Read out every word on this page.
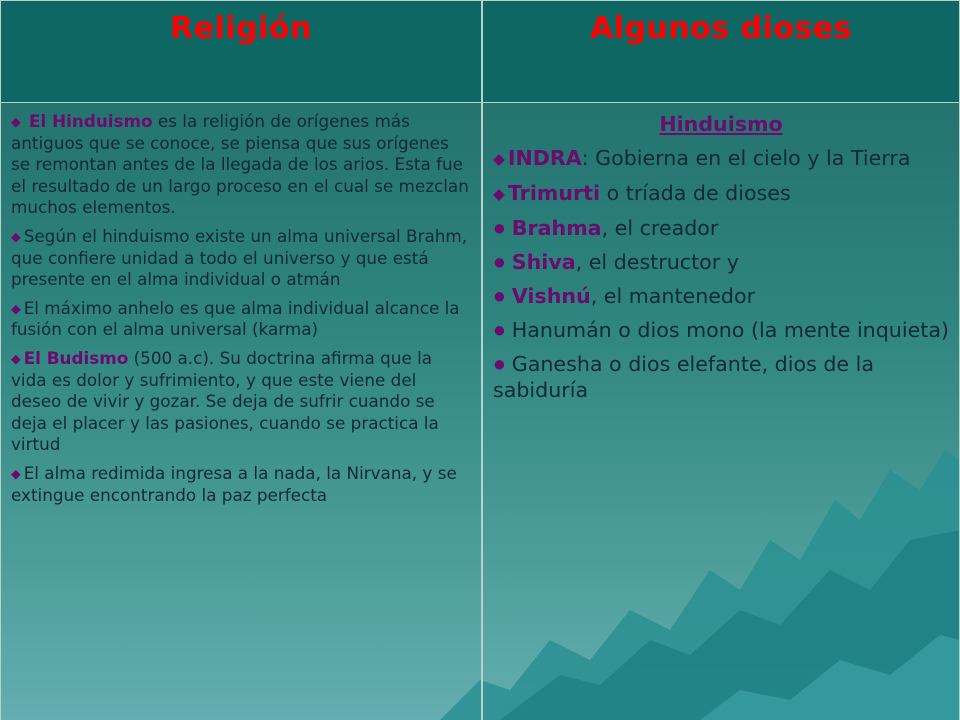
Religión	Algunos dioses

◆ El Hinduismo es la religión de orígenes más antiguos que se conoce, se piensa que sus orígenes se remontan antes de la llegada de los arios. Esta fue el resultado de un largo proceso en el cual se mezclan muchos elementos.

◆ Según el hinduismo existe un alma universal Brahm, que confiere unidad a todo el universo y que está presente en el alma individual o atmán

◆ El máximo anhelo es que alma individual alcance la fusión con el alma universal (karma)

◆ El Budismo (500 a.c). Su doctrina afirma que la vida es dolor y sufrimiento, y que este viene del deseo de vivir y gozar. Se deja de sufrir cuando se deja el placer y las pasiones, cuando se practica la virtud

◆ El alma redimida ingresa a la nada, la Nirvana, y se extingue encontrando la paz perfecta

Hinduismo

◆ INDRA: Gobierna en el cielo y la Tierra

◆ Trimurti o tríada de dioses

● Brahma, el creador

● Shiva, el destructor y

● Vishnú, el mantenedor

● Hanumán o dios mono (la mente inquieta)

● Ganesha o dios elefante, dios de la sabiduría
